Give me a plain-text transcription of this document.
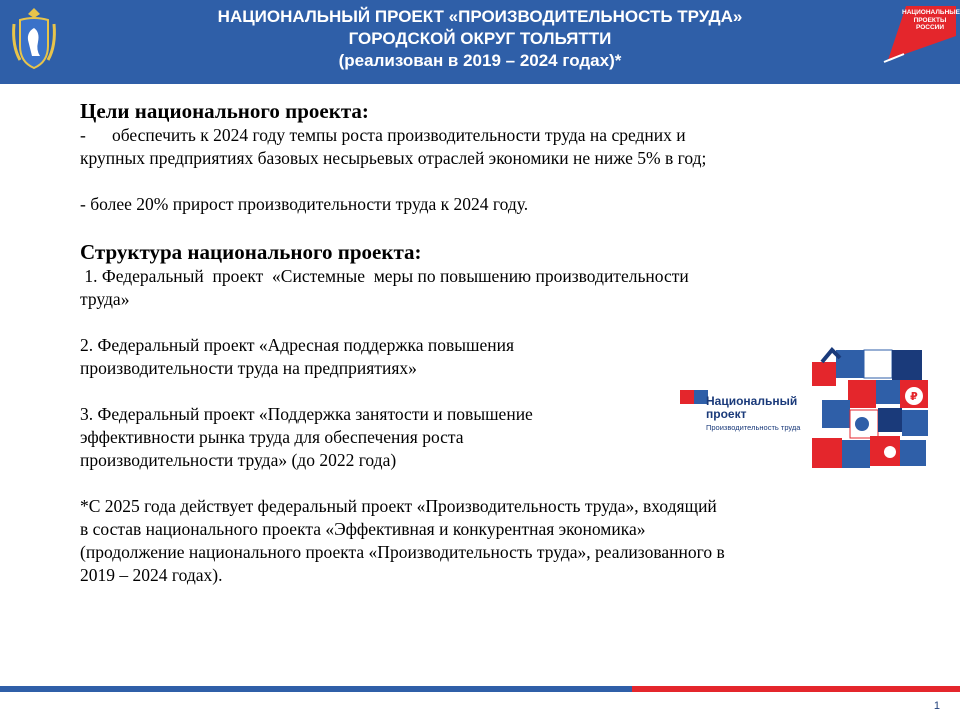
НАЦИОНАЛЬНЫЙ ПРОЕКТ «ПРОИЗВОДИТЕЛЬНОСТЬ ТРУДА»
ГОРОДСКОЙ ОКРУГ ТОЛЬЯТТИ
(реализован в 2019 – 2024 годах)*
НАЦИОНАЛЬНЫЕ
ПРОЕКТЫ
РОССИИ

Цели национального проекта:

-	обеспечить к 2024 году темпы роста производительности труда на средних и

крупных предприятиях базовых несырьевых отраслей экономики не ниже 5% в год;

- более 20% прирост производительности труда к 2024 году.

Структура национального проекта:

1. Федеральный  проект  «Системные  меры по повышению производительности

труда»

2. Федеральный проект «Адресная поддержка повышения

производительности труда на предприятиях»

3. Федеральный проект «Поддержка занятости и повышение

эффективности рынка труда для обеспечения роста

производительности труда» (до 2022 года)

*С 2025 года действует федеральный проект «Производительность труда», входящий

в состав национального проекта «Эффективная и конкурентная экономика»

(продолжение национального проекта «Производительность труда», реализованного в

2019 – 2024 годах).

₽
Национальный
проект
Производительность труда
1
